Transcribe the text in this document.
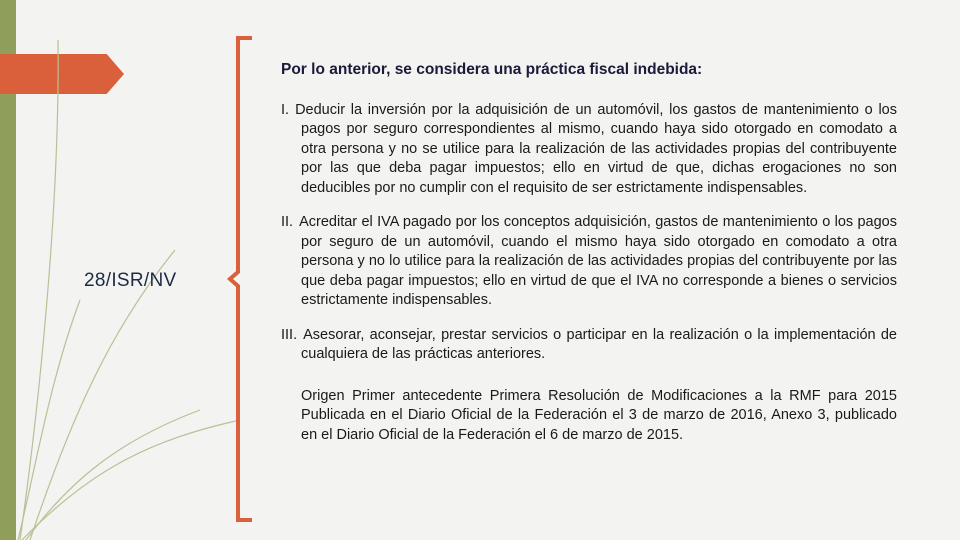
28/ISR/NV

Por lo anterior, se considera una práctica fiscal indebida:

I. Deducir la inversión por la adquisición de un automóvil, los gastos de mantenimiento o los pagos por seguro correspondientes al mismo, cuando haya sido otorgado en comodato a otra persona y no se utilice para la realización de las actividades propias del contribuyente por las que deba pagar impuestos; ello en virtud de que, dichas erogaciones no son deducibles por no cumplir con el requisito de ser estrictamente indispensables.

II. Acreditar el IVA pagado por los conceptos adquisición, gastos de mantenimiento o los pagos por seguro de un automóvil, cuando el mismo haya sido otorgado en comodato a otra persona y no lo utilice para la realización de las actividades propias del contribuyente por las que deba pagar impuestos; ello en virtud de que el IVA no corresponde a bienes o servicios estrictamente indispensables.

III. Asesorar, aconsejar, prestar servicios o participar en la realización o la implementación de cualquiera de las prácticas anteriores.

Origen Primer antecedente Primera Resolución de Modificaciones a la RMF para 2015 Publicada en el Diario Oficial de la Federación el 3 de marzo de 2016, Anexo 3, publicado en el Diario Oficial de la Federación el 6 de marzo de 2015.
